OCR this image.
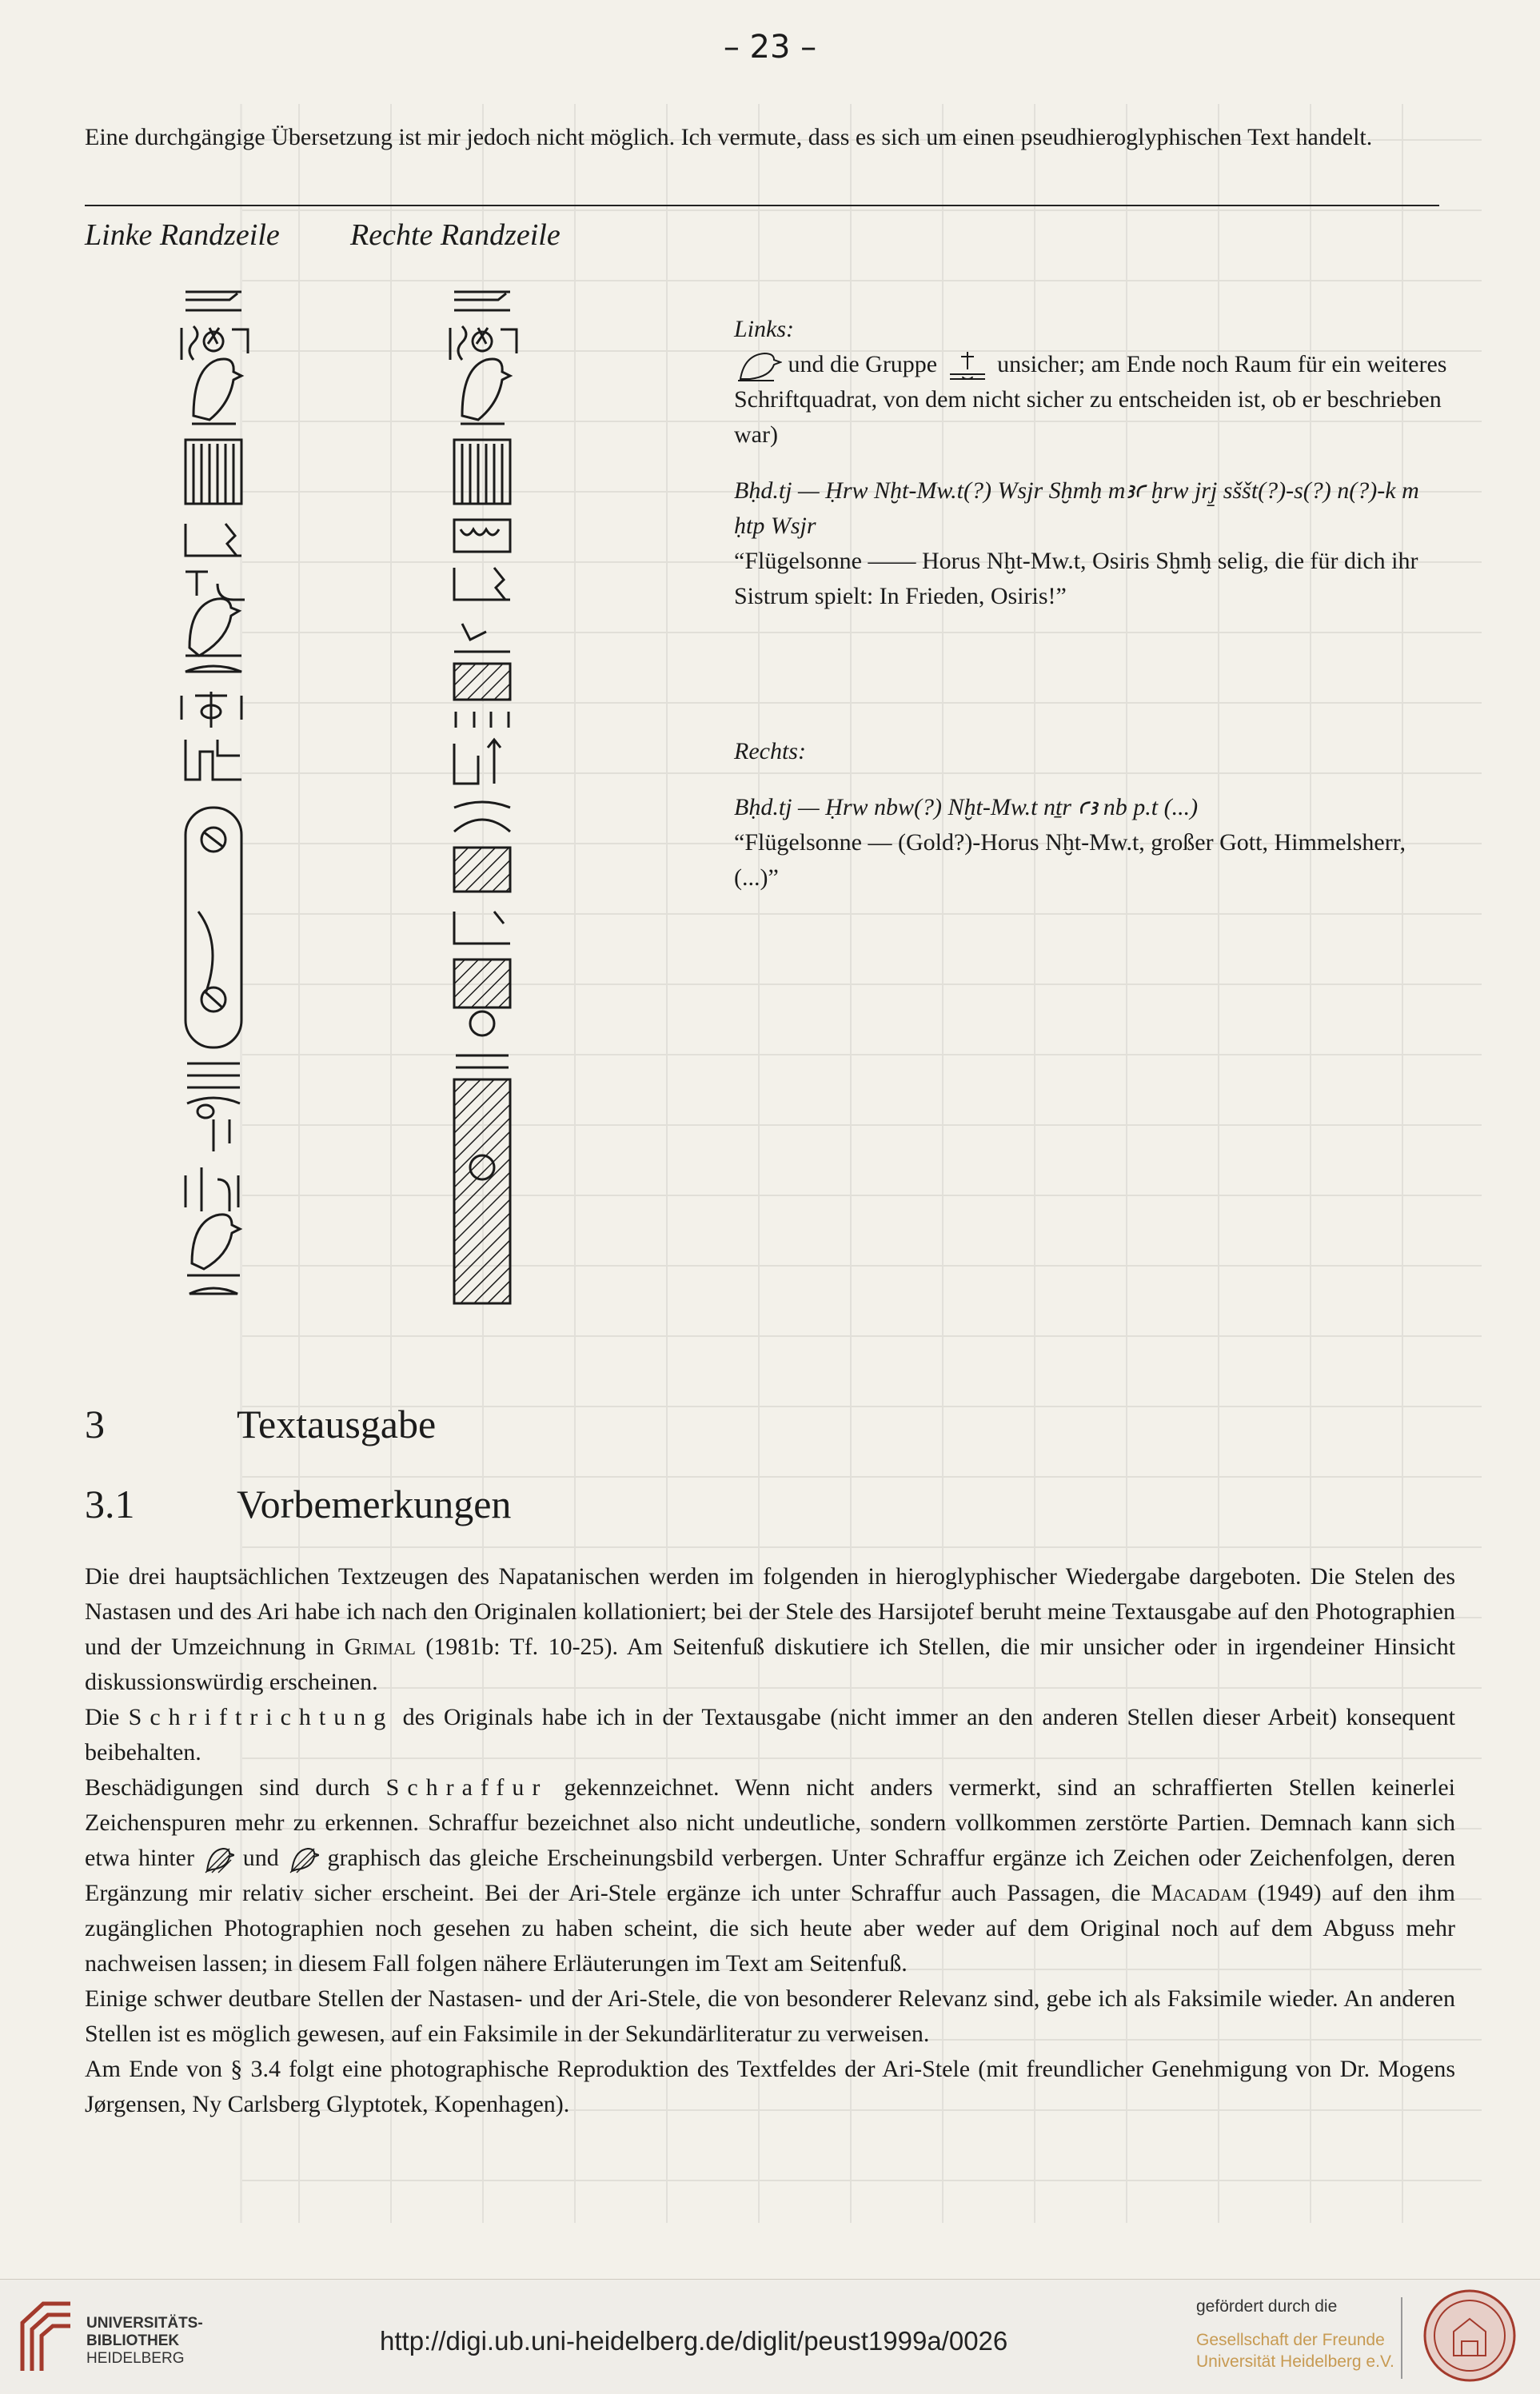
– 23 –
Eine durchgängige Übersetzung ist mir jedoch nicht möglich. Ich vermute, dass es sich um einen pseudhieroglyphischen Text handelt.
Linke Randzeile Rechte Randzeile
Links:
und die Gruppe	unsicher; am Ende noch Raum für ein weiteres Schriftquadrat, von dem nicht sicher zu entscheiden ist, ob er beschrieben war)
Bḥd.tj — Ḥrw Nḫt-Mw.t(?) Wsjr Sḫmḫ mꜣꜥ ḫrw jrj̱ sššt(?)-s(?) n(?)-k m ḥtp Wsjr
“Flügelsonne —— Horus Nḫt-Mw.t, Osiris Sḫmḫ selig, die für dich ihr Sistrum spielt: In Frieden, Osiris!”
Rechts:
Bḥd.tj — Ḥrw nbw(?) Nḫt-Mw.t nṯr ꜥꜣ nb p.t (...)
“Flügelsonne — (Gold?)-Horus Nḫt-Mw.t, großer Gott, Himmelsherr, (...)”
3	Textausgabe
3.1	Vorbemerkungen
Die drei hauptsächlichen Textzeugen des Napatanischen werden im folgenden in hieroglyphischer Wiedergabe dargeboten. Die Stelen des Nastasen und des Ari habe ich nach den Originalen kollationiert; bei der Stele des Harsijotef beruht meine Textausgabe auf den Photographien und der Umzeichnung in Grimal (1981b: Tf. 10-25). Am Seitenfuß diskutiere ich Stellen, die mir unsicher oder in irgendeiner Hinsicht diskussionswürdig erscheinen.
Die Schriftrichtung des Originals habe ich in der Textausgabe (nicht immer an den anderen Stellen dieser Arbeit) konsequent beibehalten.
Beschädigungen sind durch Schraffur gekennzeichnet. Wenn nicht anders vermerkt, sind an schraffierten Stellen keinerlei Zeichenspuren mehr zu erkennen. Schraffur bezeichnet also nicht undeutliche, sondern vollkommen zerstörte Partien. Demnach kann sich etwa hinter und graphisch das gleiche Erscheinungsbild verbergen. Unter Schraffur ergänze ich Zeichen oder Zeichenfolgen, deren Ergänzung mir relativ sicher erscheint. Bei der Ari-Stele ergänze ich unter Schraffur auch Passagen, die Macadam (1949) auf den ihm zugänglichen Photographien noch gesehen zu haben scheint, die sich heute aber weder auf dem Original noch auf dem Abguss mehr nachweisen lassen; in diesem Fall folgen nähere Erläuterungen im Text am Seitenfuß.
Einige schwer deutbare Stellen der Nastasen- und der Ari-Stele, die von besonderer Relevanz sind, gebe ich als Faksimile wieder. An anderen Stellen ist es möglich gewesen, auf ein Faksimile in der Sekundärliteratur zu verweisen.
Am Ende von § 3.4 folgt eine photographische Reproduktion des Textfeldes der Ari-Stele (mit freundlicher Genehmigung von Dr. Mogens Jørgensen, Ny Carlsberg Glyptotek, Kopenhagen).
UNIVERSITÄTS-
BIBLIOTHEK
HEIDELBERG
http://digi.ub.uni-heidelberg.de/diglit/peust1999a/0026
gefördert durch die
Gesellschaft der Freunde
Universität Heidelberg e.V.
